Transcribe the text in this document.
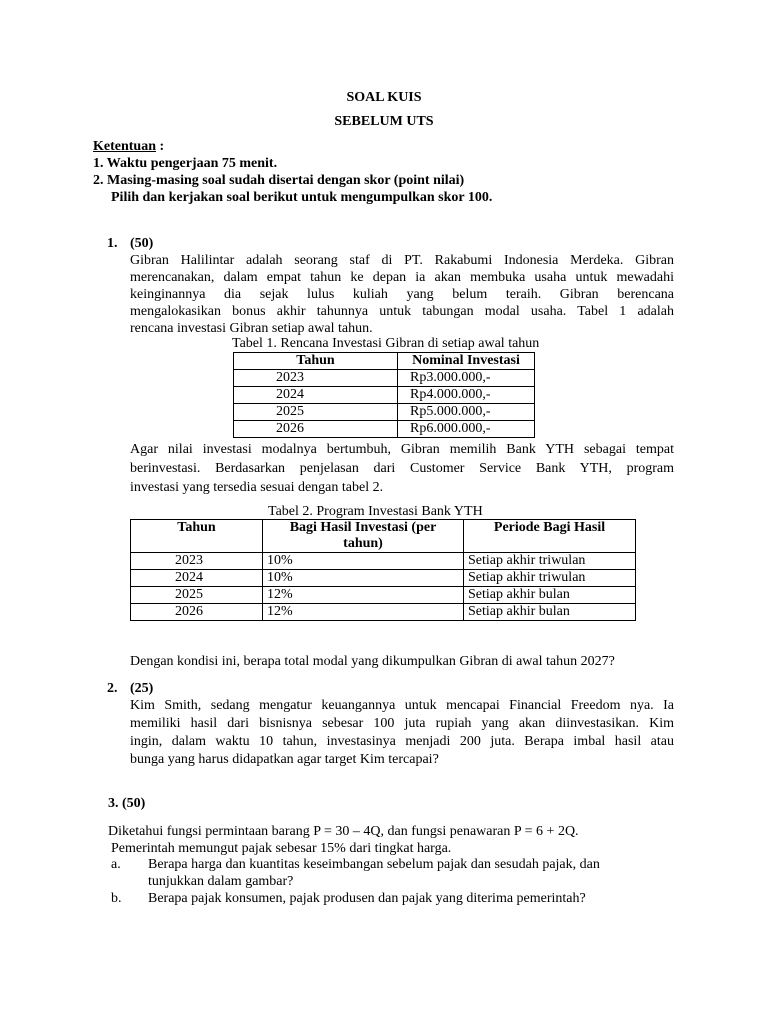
SOAL KUIS
SEBELUM UTS
Ketentuan :
1. Waktu pengerjaan 75 menit.
2. Masing-masing soal sudah disertai dengan skor (point nilai)
Pilih dan kerjakan soal berikut untuk mengumpulkan skor 100.
1. (50)
Gibran Halilintar adalah seorang staf di PT. Rakabumi Indonesia Merdeka. Gibran
merencanakan, dalam empat tahun ke depan ia akan membuka usaha untuk mewadahi
keinginannya dia sejak lulus kuliah yang belum teraih. Gibran berencana
mengalokasikan bonus akhir tahunnya untuk tabungan modal usaha. Tabel 1 adalah
rencana investasi Gibran setiap awal tahun.
Tabel 1. Rencana Investasi Gibran di setiap awal tahun
Tahun	Nominal Investasi
2023	Rp3.000.000,-
2024	Rp4.000.000,-
2025	Rp5.000.000,-
2026	Rp6.000.000,-
Agar nilai investasi modalnya bertumbuh, Gibran memilih Bank YTH sebagai tempat
berinvestasi. Berdasarkan penjelasan dari Customer Service Bank YTH, program
investasi yang tersedia sesuai dengan tabel 2.
Tabel 2. Program Investasi Bank YTH
Tahun	Bagi Hasil Investasi (per
tahun)	Periode Bagi Hasil
2023	10%	Setiap akhir triwulan
2024	10%	Setiap akhir triwulan
2025	12%	Setiap akhir bulan
2026	12%	Setiap akhir bulan
Dengan kondisi ini, berapa total modal yang dikumpulkan Gibran di awal tahun 2027?
2. (25)
Kim Smith, sedang mengatur keuangannya untuk mencapai Financial Freedom nya. Ia
memiliki hasil dari bisnisnya sebesar 100 juta rupiah yang akan diinvestasikan. Kim
ingin, dalam waktu 10 tahun, investasinya menjadi 200 juta. Berapa imbal hasil atau
bunga yang harus didapatkan agar target Kim tercapai?
3. (50)
Diketahui fungsi permintaan barang P = 30 – 4Q, dan fungsi penawaran P = 6 + 2Q.
Pemerintah memungut pajak sebesar 15% dari tingkat harga.
a. Berapa harga dan kuantitas keseimbangan sebelum pajak dan sesudah pajak, dan
tunjukkan dalam gambar?
b. Berapa pajak konsumen, pajak produsen dan pajak yang diterima pemerintah?
